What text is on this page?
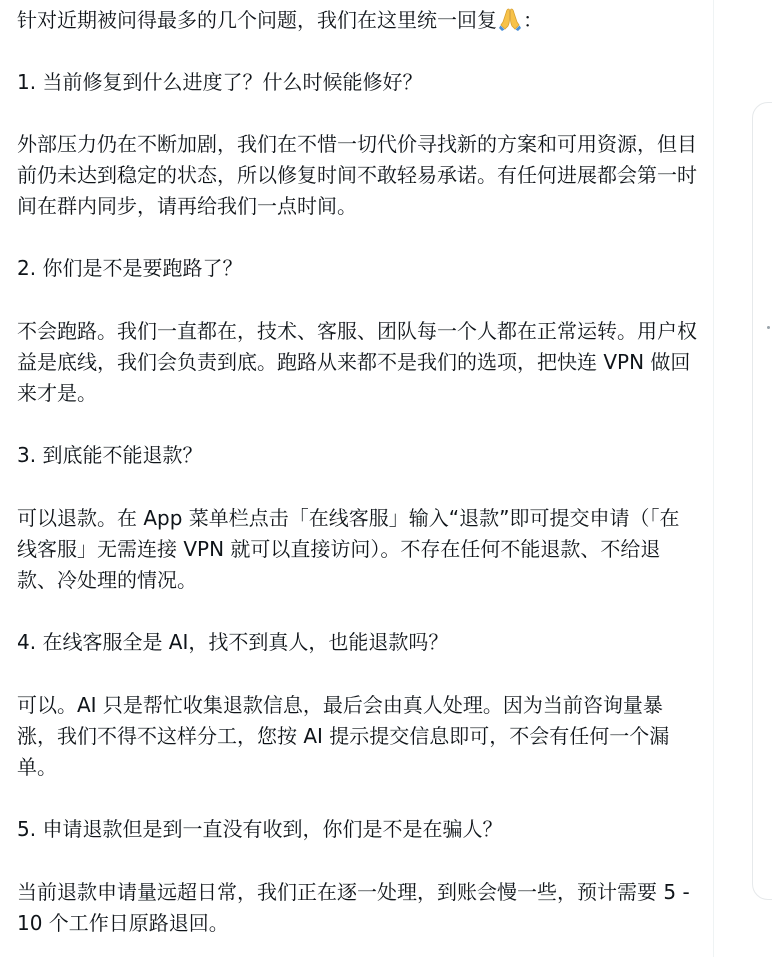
针对近期被问得最多的几个问题，我们在这里统一回复 ：

1. 当前修复到什么进度了？什么时候能修好？

外部压力仍在不断加剧，我们在不惜一切代价寻找新的方案和可用资源，但目前仍未达到稳定的状态，所以修复时间不敢轻易承诺。有任何进展都会第一时间在群内同步，请再给我们一点时间。

2. 你们是不是要跑路了？

不会跑路。我们一直都在，技术、客服、团队每一个人都在正常运转。用户权益是底线，我们会负责到底。跑路从来都不是我们的选项，把快连 VPN 做回来才是。

3. 到底能不能退款？

可以退款。在 App 菜单栏点击「在线客服」输入“退款”即可提交申请（「在线客服」无需连接 VPN 就可以直接访问）。不存在任何不能退款、不给退款、冷处理的情况。

4. 在线客服全是 AI，找不到真人，也能退款吗？

可以。AI 只是帮忙收集退款信息，最后会由真人处理。因为当前咨询量暴涨，我们不得不这样分工，您按 AI 提示提交信息即可，不会有任何一个漏单。

5. 申请退款但是到一直没有收到，你们是不是在骗人？

当前退款申请量远超日常，我们正在逐一处理，到账会慢一些，预计需要 5 - 10 个工作日原路退回。
